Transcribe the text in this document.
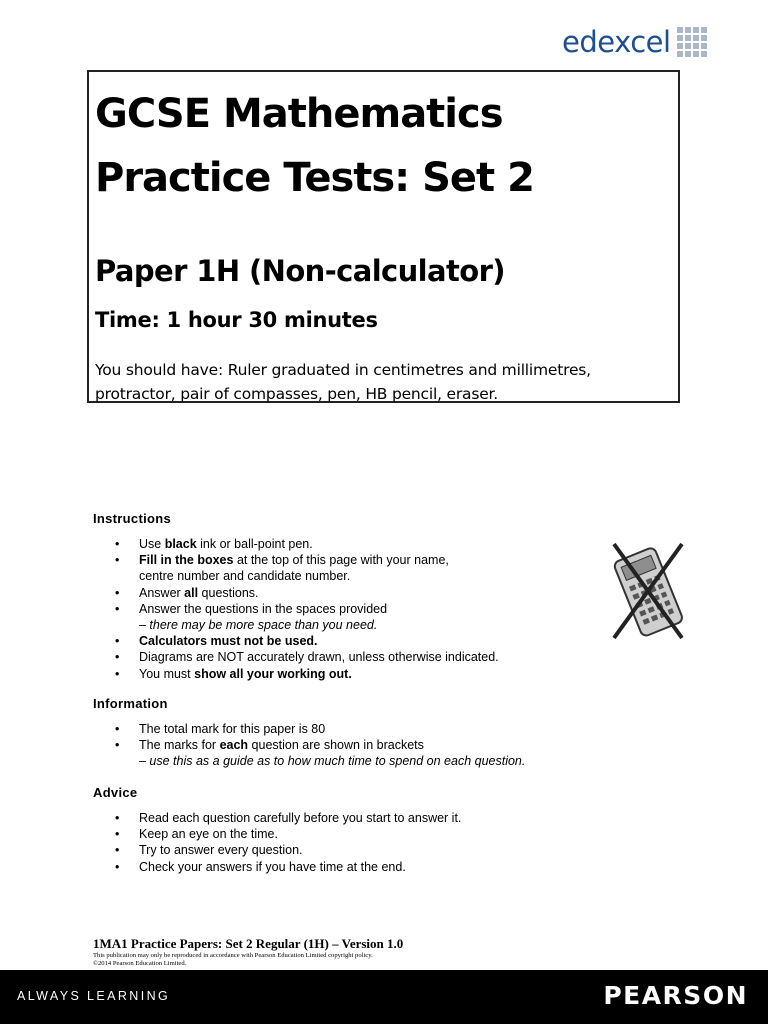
edexcel
GCSE Mathematics
Practice Tests: Set 2
Paper 1H (Non-calculator)
Time: 1 hour 30 minutes
You should have: Ruler graduated in centimetres and millimetres, protractor, pair of compasses, pen, HB pencil, eraser.
Instructions
• Use black ink or ball-point pen.
• Fill in the boxes at the top of this page with your name,
centre number and candidate number.
• Answer all questions.
• Answer the questions in the spaces provided
– there may be more space than you need.
• Calculators must not be used.
• Diagrams are NOT accurately drawn, unless otherwise indicated.
• You must show all your working out.
Information
• The total mark for this paper is 80
• The marks for each question are shown in brackets
– use this as a guide as to how much time to spend on each question.
Advice
• Read each question carefully before you start to answer it.
• Keep an eye on the time.
• Try to answer every question.
• Check your answers if you have time at the end.
1MA1 Practice Papers: Set 2 Regular (1H) – Version 1.0
This publication may only be reproduced in accordance with Pearson Education Limited copyright policy.
©2014 Pearson Education Limited.
ALWAYS LEARNING	PEARSON
